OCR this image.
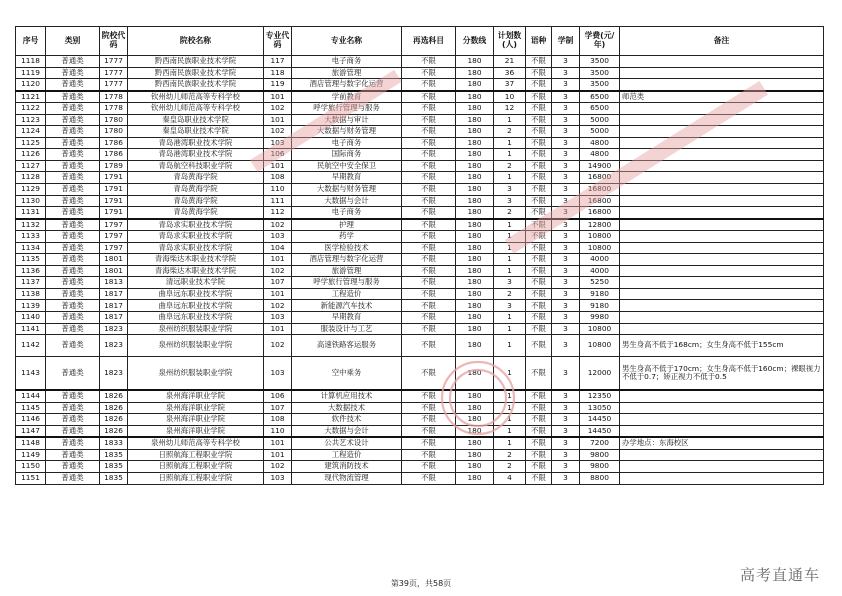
序号	类别	院校代码	院校名称	专业代码	专业名称	再选科目	分数线	计划数(人)	语种	学制	学费(元/年)	备注
1118	普通类	1777	黔西南民族职业技术学院	117	电子商务	不限	180	21	不限	3	3500	
1119	普通类	1777	黔西南民族职业技术学院	118	旅游管理	不限	180	36	不限	3	3500	
1120	普通类	1777	黔西南民族职业技术学院	119	酒店管理与数字化运营	不限	180	37	不限	3	3500	
1121	普通类	1778	钦州幼儿师范高等专科学校	101	学前教育	不限	180	10	不限	3	6500	师范类
1122	普通类	1778	钦州幼儿师范高等专科学校	102	呼学旅行管理与服务	不限	180	12	不限	3	6500	
1123	普通类	1780	秦皇岛职业技术学院	101	大数据与审计	不限	180	1	不限	3	5000	
1124	普通类	1780	秦皇岛职业技术学院	102	大数据与财务管理	不限	180	2	不限	3	5000	
1125	普通类	1786	青岛港湾职业技术学院	103	电子商务	不限	180	1	不限	3	4800	
1126	普通类	1786	青岛港湾职业技术学院	106	国际商务	不限	180	1	不限	3	4800	
1127	普通类	1789	青岛航空科技职业学院	101	民航空中安全保卫	不限	180	2	不限	3	14900	
1128	普通类	1791	青岛黄海学院	108	早期教育	不限	180	1	不限	3	16800	
1129	普通类	1791	青岛黄海学院	110	大数据与财务管理	不限	180	3	不限	3	16800	
1130	普通类	1791	青岛黄海学院	111	大数据与会计	不限	180	3	不限	3	16800	
1131	普通类	1791	青岛黄海学院	112	电子商务	不限	180	2	不限	3	16800	
1132	普通类	1797	青岛求实职业技术学院	102	护理	不限	180	1	不限	3	12800	
1133	普通类	1797	青岛求实职业技术学院	103	药学	不限	180	1	不限	3	10800	
1134	普通类	1797	青岛求实职业技术学院	104	医学检验技术	不限	180	1	不限	3	10800	
1135	普通类	1801	青海柴达木职业技术学院	101	酒店管理与数字化运营	不限	180	1	不限	3	4000	
1136	普通类	1801	青海柴达木职业技术学院	102	旅游管理	不限	180	1	不限	3	4000	
1137	普通类	1813	清远职业技术学院	107	呼学旅行管理与服务	不限	180	3	不限	3	5250	
1138	普通类	1817	曲阜远东职业技术学院	101	工程造价	不限	180	2	不限	3	9180	
1139	普通类	1817	曲阜远东职业技术学院	102	新能源汽车技术	不限	180	3	不限	3	9180	
1140	普通类	1817	曲阜远东职业技术学院	103	早期教育	不限	180	1	不限	3	9980	
1141	普通类	1823	泉州纺织服装职业学院	101	服装设计与工艺	不限	180	1	不限	3	10800	
1142	普通类	1823	泉州纺织服装职业学院	102	高速铁路客运服务	不限	180	1	不限	3	10800	男生身高不低于168cm；女生身高不低于155cm
1143	普通类	1823	泉州纺织服装职业学院	103	空中乘务	不限	180	1	不限	3	12000	男生身高不低于170cm；女生身高不低于160cm；裸眼视力不低于0.7；矫正视力不低于0.5
1144	普通类	1826	泉州海洋职业学院	106	计算机应用技术	不限	180	1	不限	3	12350	
1145	普通类	1826	泉州海洋职业学院	107	大数据技术	不限	180	1	不限	3	13050	
1146	普通类	1826	泉州海洋职业学院	108	软件技术	不限	180	1	不限	3	14450	
1147	普通类	1826	泉州海洋职业学院	110	大数据与会计	不限	180	1	不限	3	14450	
1148	普通类	1833	泉州幼儿师范高等专科学校	101	公共艺术设计	不限	180	1	不限	3	7200	办学地点：东海校区
1149	普通类	1835	日照航海工程职业学院	101	工程造价	不限	180	2	不限	3	9800	
1150	普通类	1835	日照航海工程职业学院	102	建筑消防技术	不限	180	2	不限	3	9800	
1151	普通类	1835	日照航海工程职业学院	103	现代物流管理	不限	180	4	不限	3	8800	
第39页，共58页	高考直通车
